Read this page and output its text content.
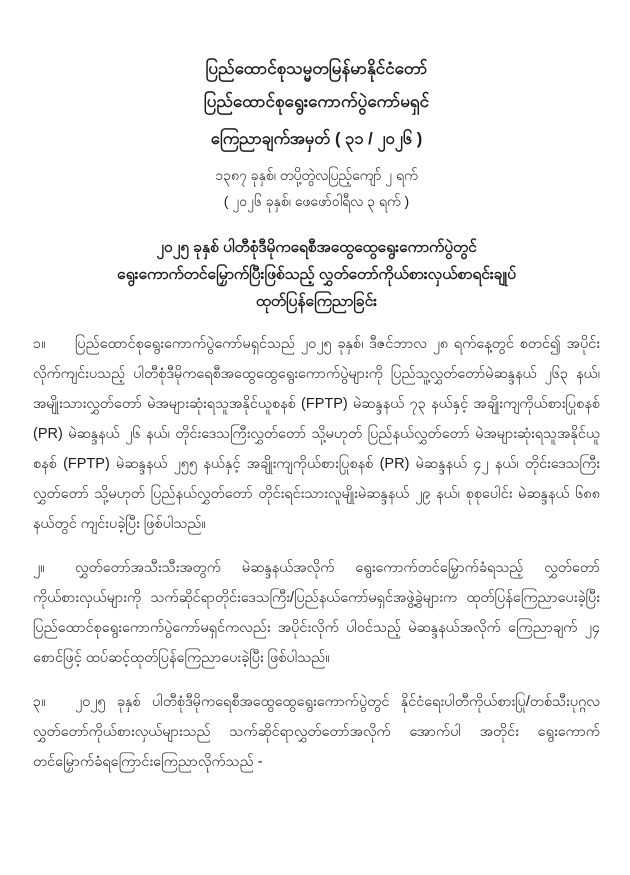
ပြည်ထောင်စုသမ္မတမြန်မာနိုင်ငံတော်
ပြည်ထောင်စုရွေးကောက်ပွဲကော်မရှင်
ကြေညာချက်အမှတ် ( ၃၁ / ၂၀၂၆ )
၁၃၈၇ ခုနှစ်၊ တပို့တွဲလပြည့်ကျော် ၂ ရက်
( ၂၀၂၆ ခုနှစ်၊ ဖေဖော်ဝါရီလ ၃ ရက် )
၂၀၂၅ ခုနှစ် ပါတီစုံဒီမိုကရေစီအထွေထွေရွေးကောက်ပွဲတွင်
ရွေးကောက်တင်မြှောက်ပြီးဖြစ်သည့် လွှတ်တော်ကိုယ်စားလှယ်စာရင်းချုပ်
ထုတ်ပြန်ကြေညာခြင်း
၁။ ပြည်ထောင်စုရွေးကောက်ပွဲကော်မရှင်သည် ၂၀၂၅ ခုနှစ်၊ ဒီဇင်ဘာလ ၂၈ ရက်နေ့တွင် စတင်၍ အပိုင်းလိုက်ကျင်းပသည့် ပါတီစုံဒီမိုကရေစီအထွေထွေရွေးကောက်ပွဲများကို ပြည်သူ့လွှတ်တော်မဲဆန္ဒနယ် ၂၆၃ နယ်၊ အမျိုးသားလွှတ်တော် မဲအများဆုံးရသူအနိုင်ယူစနစ် (FPTP) မဲဆန္ဒနယ် ၇၃ နယ်နှင့် အချိုးကျကိုယ်စားပြုစနစ် (PR) မဲဆန္ဒနယ် ၂၆ နယ်၊ တိုင်းဒေသကြီးလွှတ်တော် သို့မဟုတ် ပြည်နယ်လွှတ်တော် မဲအများဆုံးရသူအနိုင်ယူစနစ် (FPTP) မဲဆန္ဒနယ် ၂၅၅ နယ်နှင့် အချိုးကျကိုယ်စားပြုစနစ် (PR) မဲဆန္ဒနယ် ၄၂ နယ်၊ တိုင်းဒေသကြီး လွှတ်တော် သို့မဟုတ် ပြည်နယ်လွှတ်တော် တိုင်းရင်းသားလူမျိုးမဲဆန္ဒနယ် ၂၉ နယ်၊ စုစုပေါင်း မဲဆန္ဒနယ် ၆၈၈ နယ်တွင် ကျင်းပခဲ့ပြီး ဖြစ်ပါသည်။
၂။ လွှတ်တော်အသီးသီးအတွက် မဲဆန္ဒနယ်အလိုက် ရွေးကောက်တင်မြှောက်ခံရသည့် လွှတ်တော်ကိုယ်စားလှယ်များကို သက်ဆိုင်ရာတိုင်းဒေသကြီး/ပြည်နယ်ကော်မရှင်အဖွဲ့ခွဲများက ထုတ်ပြန်ကြေညာပေးခဲ့ပြီး ပြည်ထောင်စုရွေးကောက်ပွဲကော်မရှင်ကလည်း အပိုင်းလိုက် ပါဝင်သည့် မဲဆန္ဒနယ်အလိုက် ကြေညာချက် ၂၄ စောင်ဖြင့် ထပ်ဆင့်ထုတ်ပြန်ကြေညာပေးခဲ့ပြီး ဖြစ်ပါသည်။
၃။ ၂၀၂၅ ခုနှစ် ပါတီစုံဒီမိုကရေစီအထွေထွေရွေးကောက်ပွဲတွင် နိုင်ငံရေးပါတီကိုယ်စားပြု/တစ်သီးပုဂ္ဂလ လွှတ်တော်ကိုယ်စားလှယ်များသည် သက်ဆိုင်ရာလွှတ်တော်အလိုက် အောက်ပါ အတိုင်း ရွေးကောက်တင်မြှောက်ခံရကြောင်းကြေညာလိုက်သည် -
